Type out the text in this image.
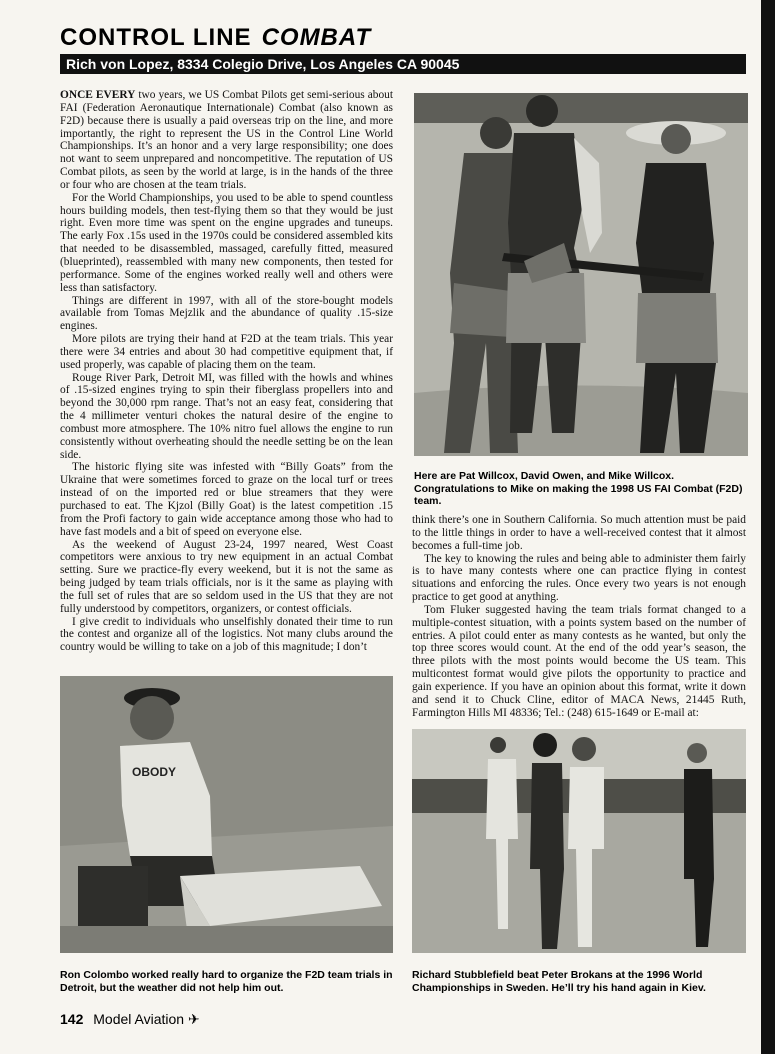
CONTROL LINE COMBAT
Rich von Lopez, 8334 Colegio Drive, Los Angeles CA 90045

ONCE EVERY two years, we US Combat Pilots get semi-serious about FAI (Federation Aeronautique Internationale) Combat (also known as F2D) because there is usually a paid overseas trip on the line, and more importantly, the right to represent the US in the Control Line World Championships. It’s an honor and a very large responsibility; one does not want to seem unprepared and noncompetitive. The reputation of US Combat pilots, as seen by the world at large, is in the hands of the three or four who are chosen at the team trials.

For the World Championships, you used to be able to spend countless hours building models, then test-flying them so that they would be just right. Even more time was spent on the engine upgrades and tuneups. The early Fox .15s used in the 1970s could be considered assembled kits that needed to be disassembled, massaged, carefully fitted, measured (blueprinted), reassembled with many new components, then tested for performance. Some of the engines worked really well and others were less than satisfactory.

Things are different in 1997, with all of the store-bought models available from Tomas Mejzlik and the abundance of quality .15-size engines.

More pilots are trying their hand at F2D at the team trials. This year there were 34 entries and about 30 had competitive equipment that, if used properly, was capable of placing them on the team.

Rouge River Park, Detroit MI, was filled with the howls and whines of .15-sized engines trying to spin their fiberglass propellers into and beyond the 30,000 rpm range. That’s not an easy feat, considering that the 4 millimeter venturi chokes the natural desire of the engine to combust more atmosphere. The 10% nitro fuel allows the engine to run consistently without overheating should the needle setting be on the lean side.

The historic flying site was infested with “Billy Goats” from the Ukraine that were sometimes forced to graze on the local turf or trees instead of on the imported red or blue streamers that they were purchased to eat. The Kjzol (Billy Goat) is the latest competition .15 from the Profi factory to gain wide acceptance among those who had to have fast models and a bit of speed on everyone else.

As the weekend of August 23-24, 1997 neared, West Coast competitors were anxious to try new equipment in an actual Combat setting. Sure we practice-fly every weekend, but it is not the same as being judged by team trials officials, nor is it the same as playing with the full set of rules that are so seldom used in the US that they are not fully understood by competitors, organizers, or contest officials.

I give credit to individuals who unselfishly donated their time to run the contest and organize all of the logistics. Not many clubs around the country would be willing to take on a job of this magnitude; I don’t

Here are Pat Willcox, David Owen, and Mike Willcox. Congratulations to Mike on making the 1998 US FAI Combat (F2D) team.

think there’s one in Southern California. So much attention must be paid to the little things in order to have a well-received contest that it almost becomes a full-time job.

The key to knowing the rules and being able to administer them fairly is to have many contests where one can practice flying in contest situations and enforcing the rules. Once every two years is not enough practice to get good at anything.

Tom Fluker suggested having the team trials format changed to a multiple-contest situation, with a points system based on the number of entries. A pilot could enter as many contests as he wanted, but only the top three scores would count. At the end of the odd year’s season, the three pilots with the most points would become the US team. This multicontest format would give pilots the opportunity to practice and gain experience. If you have an opinion about this format, write it down and send it to Chuck Cline, editor of MACA News, 21445 Ruth, Farmington Hills MI 48336; Tel.: (248) 615-1649 or E-mail at:

OBODY
Ron Colombo worked really hard to organize the F2D team trials in Detroit, but the weather did not help him out.
Richard Stubblefield beat Peter Brokans at the 1996 World Championships in Sweden. He’ll try his hand again in Kiev.
142 Model Aviation ✈
